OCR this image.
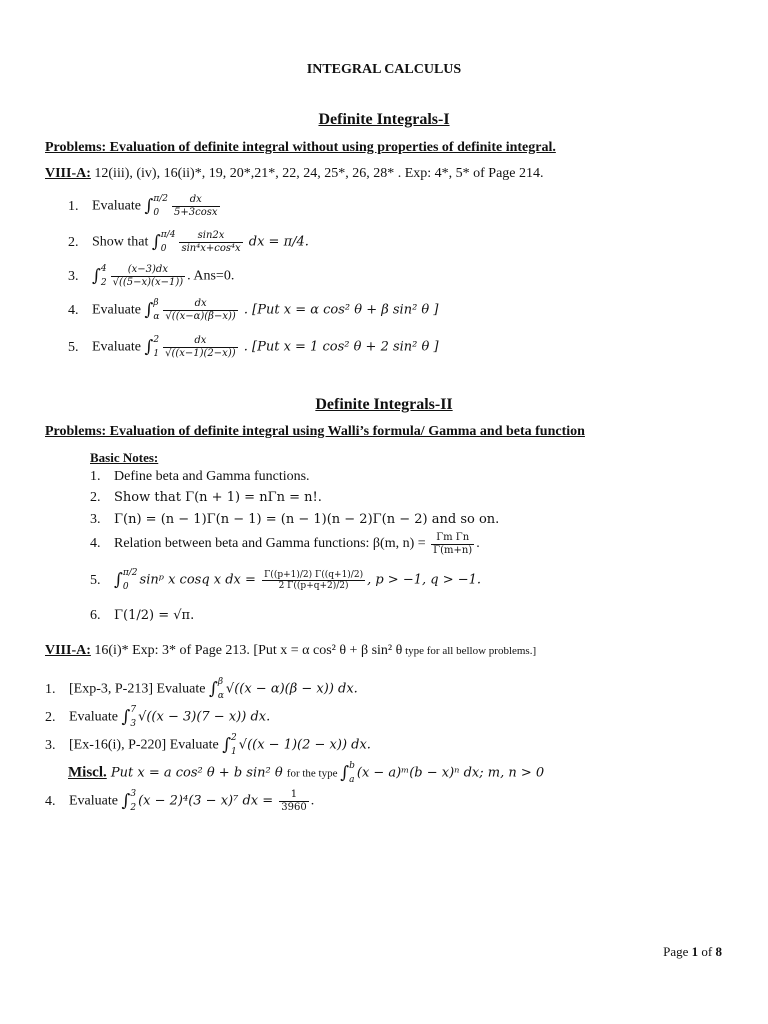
INTEGRAL CALCULUS
Definite Integrals-I
Problems: Evaluation of definite integral without using properties of definite integral.
VIII-A: 12(iii), (iv), 16(ii)*, 19, 20*,21*, 22, 24, 25*, 26, 28* . Exp: 4*, 5* of Page 214.
1. Evaluate ∫ π/2
0	$\frac{dx}{5+3\cos x}$
2. Show that ∫ π/4
0	$\frac{\sin 2x}{\text{sin⁴x+cos⁴x}}$ dx = π/4.
3. ∫ 4
$2 \frac{(x-3)dx}{√((5-x)(x-1))}$ . Ans=0.
4. Evaluate ∫ β
α $\frac{dx}{√((x-\alpha)(\beta-x))}$ . [Put x = α cos² θ + β sin² θ ]
5. Evaluate ∫ 2
$1 \frac{dx}{√((x-1)(2-x))}$ . [Put x = 1 cos² θ + 2 sin² θ ]
Definite Integrals-II
Problems: Evaluation of definite integral using Walli’s formula/ Gamma and beta function
Basic Notes:
1. Define beta and Gamma functions.
2. Show that Γ(n + 1) = nΓn = n!.
3. Γ(n) = (n − 1)Γ(n − 1) = (n − 1)(n − 2)Γ(n − 2) and so on.
4. Relation between beta and Gamma functions: β(m, $n) = \frac{\text{Γm Γn}}{\Gamma(m+n)}$ .
5. ∫ π/2
0 sinᵖ x cosq x dx = $\frac{\Gamma((p+1)/2) \Gamma((q+1)/2)}{2 \Gamma((p+q+2)/2)}$ , p > −1, q > −1.
6. Γ(1/2) = √π.
VIII-A: 16(i)* Exp: 3* of Page 213. [Put x = α cos² θ + β sin² θ type for all bellow problems.]
1. [Exp-3, P-213] Evaluate ∫ β
α √((x − α)(β − x)) dx.
2. Evaluate ∫ 7
3 √((x − 3)(7 − x)) dx.
3. [Ex-16(i), P-220] Evaluate ∫ 2
1 √((x − 1)(2 − x)) dx.
Miscl. Put x = a cos² θ + b sin² θ for the type ∫ b
a (x − a)ᵐ(b − x)ⁿ dx; m, n > 0
4. Evaluate ∫ 3
2 (x − 2)⁴(3 − x)⁷ dx = $\frac{1}{3960}$ .
Page 1 of 8
